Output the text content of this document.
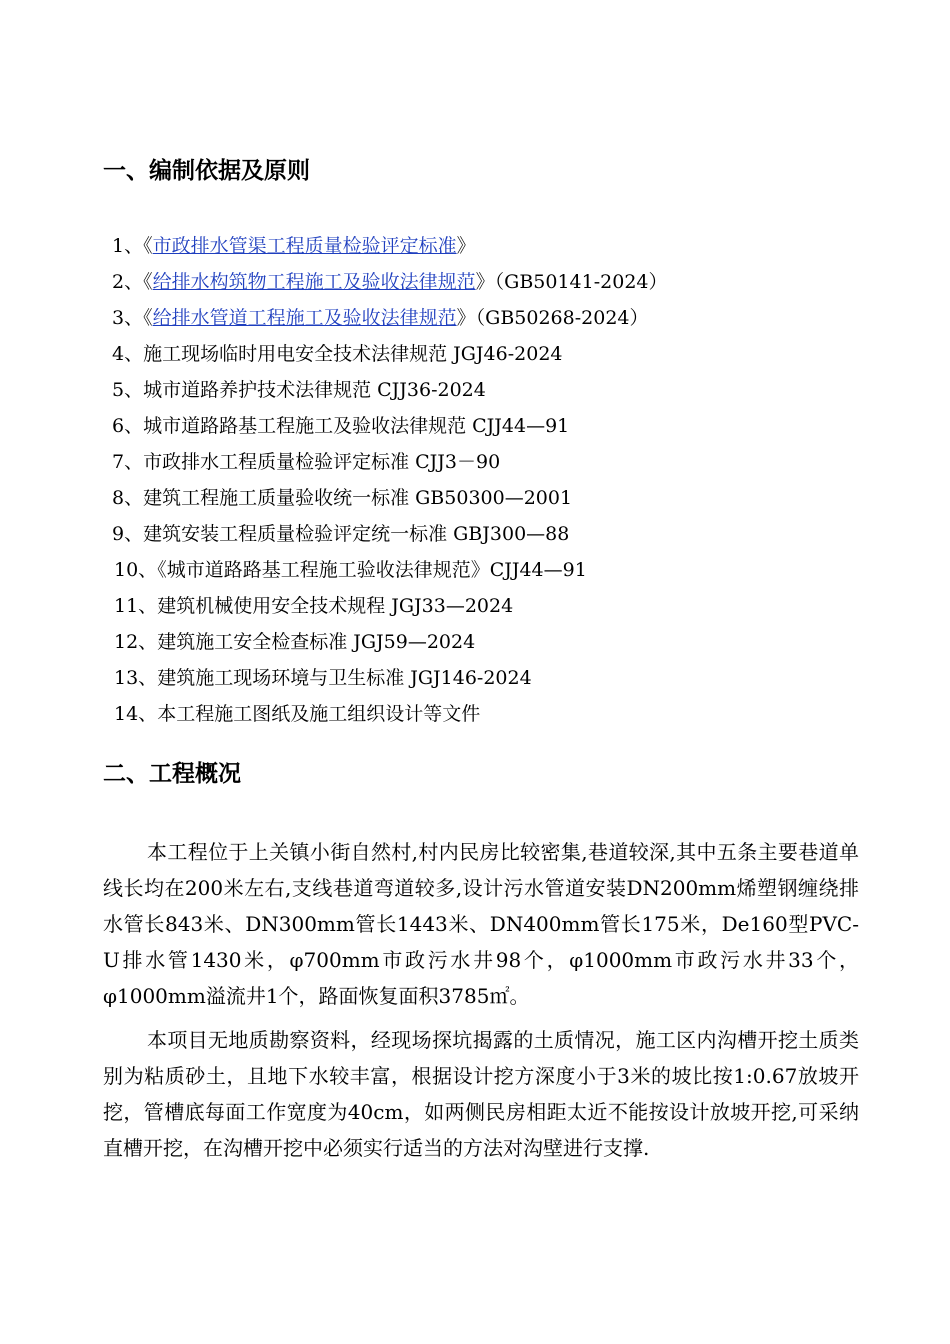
一、编制依据及原则
1、《市政排水管渠工程质量检验评定标准》
2、《给排水构筑物工程施工及验收法律规范》（GB50141-2024）
3、《给排水管道工程施工及验收法律规范》（GB50268-2024）
4、施工现场临时用电安全技术法律规范 JGJ46-2024
5、城市道路养护技术法律规范 CJJ36-2024
6、城市道路路基工程施工及验收法律规范 CJJ44—91
7、市政排水工程质量检验评定标准 CJJ3－90
8、建筑工程施工质量验收统一标准 GB50300—2001
9、建筑安装工程质量检验评定统一标准 GBJ300—88
10、《城市道路路基工程施工验收法律规范》CJJ44—91
11、建筑机械使用安全技术规程 JGJ33—2024
12、建筑施工安全检查标准 JGJ59—2024
13、建筑施工现场环境与卫生标准 JGJ146-2024
14、本工程施工图纸及施工组织设计等文件
二、工程概况

本工程位于上关镇小街自然村,村内民房比较密集,巷道较深,其中五条主要巷道单线长均在200米左右,支线巷道弯道较多,设计污水管道安装DN200mm烯塑钢缠绕排水管长843米、DN300mm管长1443米、DN400mm管长175米，De160型PVC-U排水管1430米，φ700mm市政污水井98个，φ1000mm市政污水井33个，φ1000mm溢流井1个，路面恢复面积3785㎡。

本项目无地质勘察资料，经现场探坑揭露的土质情况，施工区内沟槽开挖土质类别为粘质砂土，且地下水较丰富，根据设计挖方深度小于3米的坡比按1:0.67放坡开挖，管槽底每面工作宽度为40cm，如两侧民房相距太近不能按设计放坡开挖,可采纳直槽开挖，在沟槽开挖中必须实行适当的方法对沟壁进行支撑.
